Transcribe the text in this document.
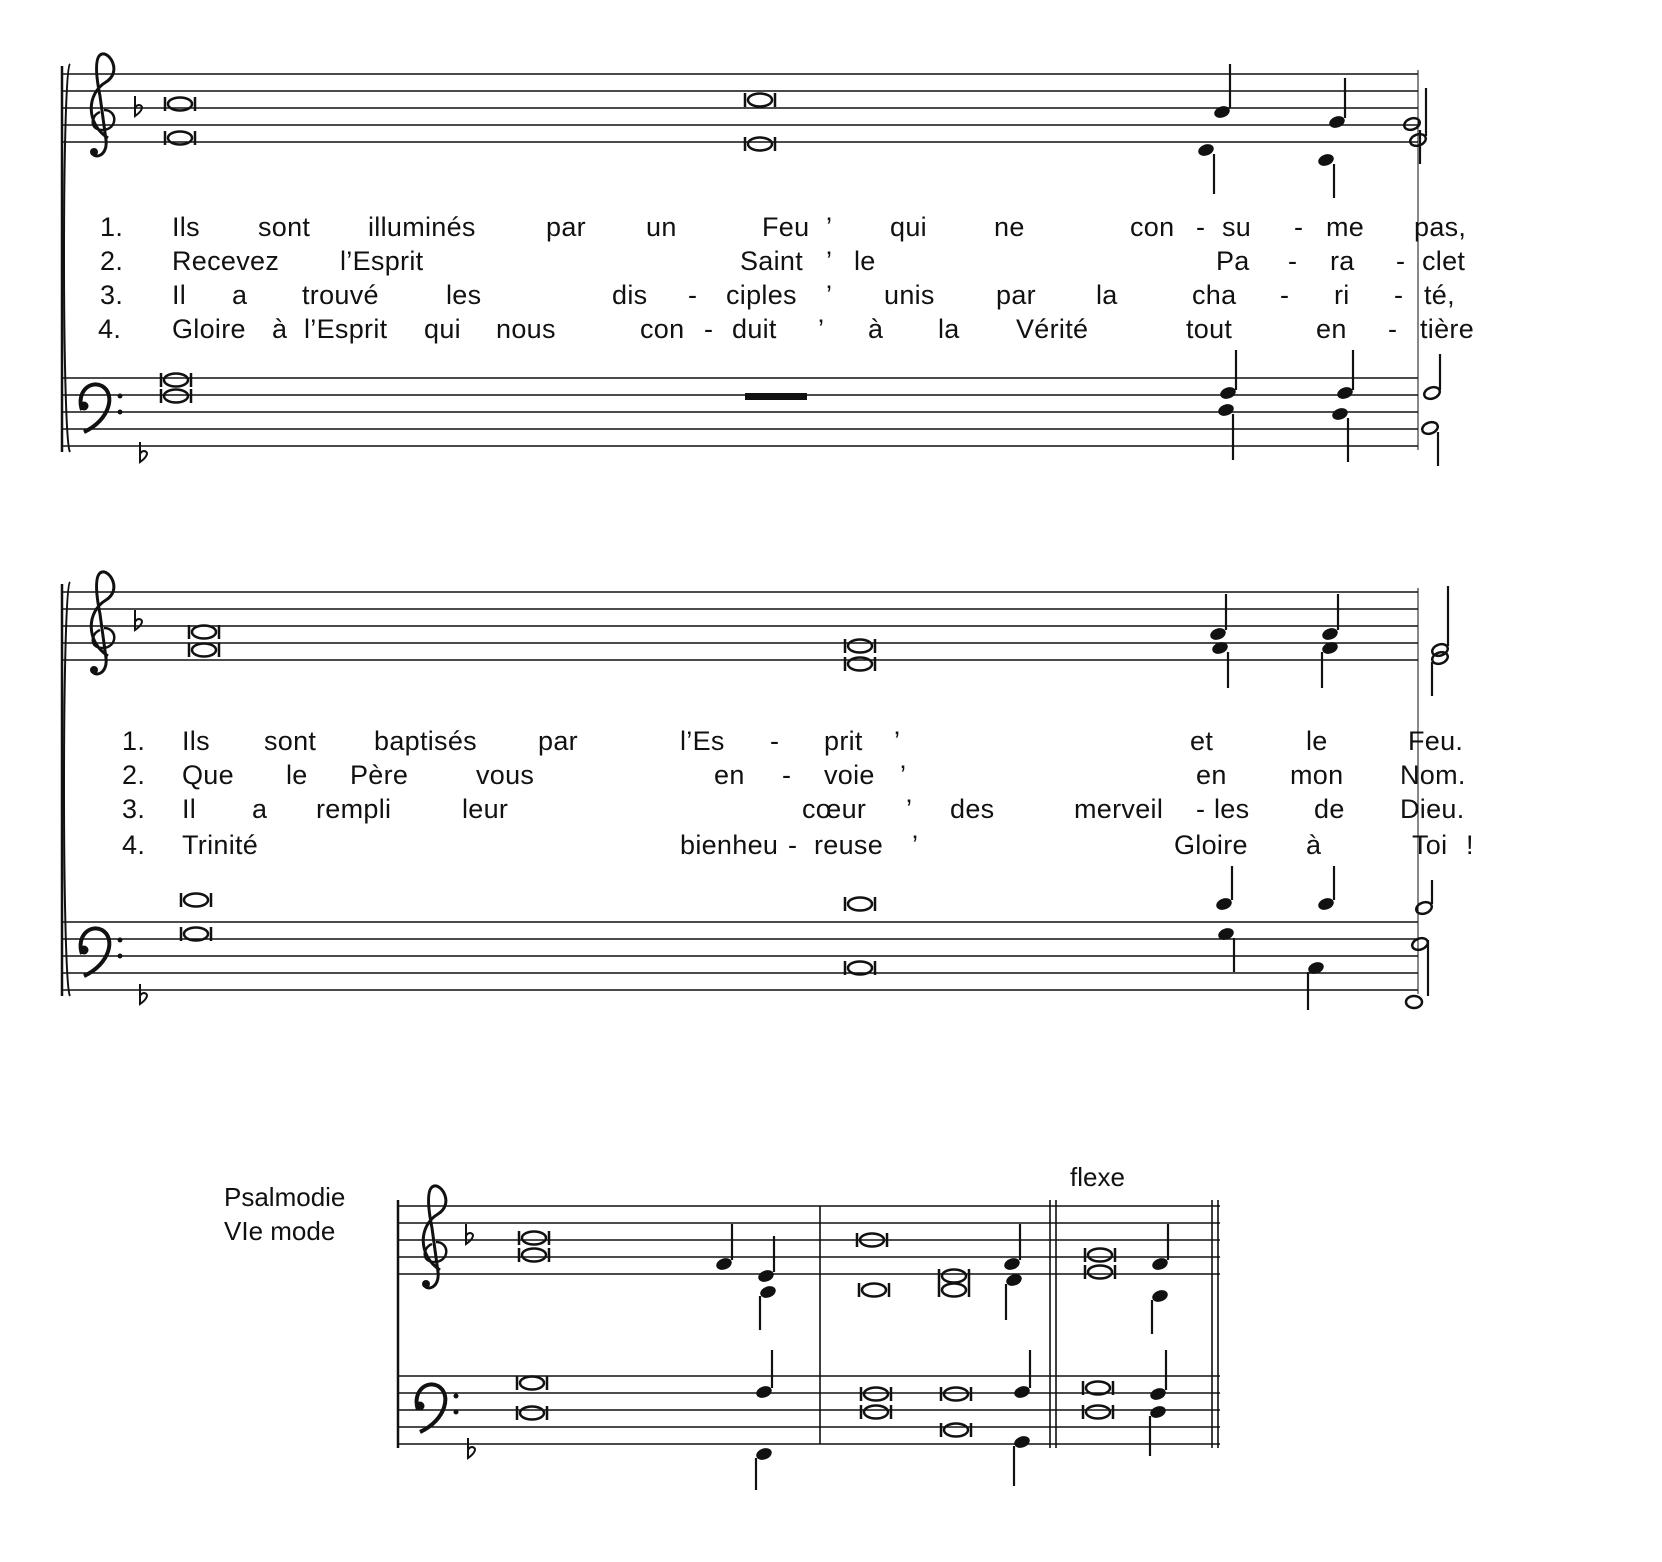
1. Ils sont illuminés	par un	Feu ’ qui ne	con - su - me pas,
2. Recevez l’Esprit	Saint ’ le	Pa - ra - clet
3. Il a trouvé les	dis - ciples ’ unis par la	cha - ri - té,
4. Gloire à l’Esprit qui nous	con - duit ’ à la Vérité	tout	en - tière
1. Ils sont baptisés par	l’Es - prit ’	et	le	Feu.
2. Que le Père	vous	en - voie ’	en mon Nom.
3. Il a rempli	leur	cœur ’ des	merveil - les de Dieu.
4. Trinité	bienheu - reuse ’	Gloire à	Toi !
Psalmodie
VIe mode
flexe
